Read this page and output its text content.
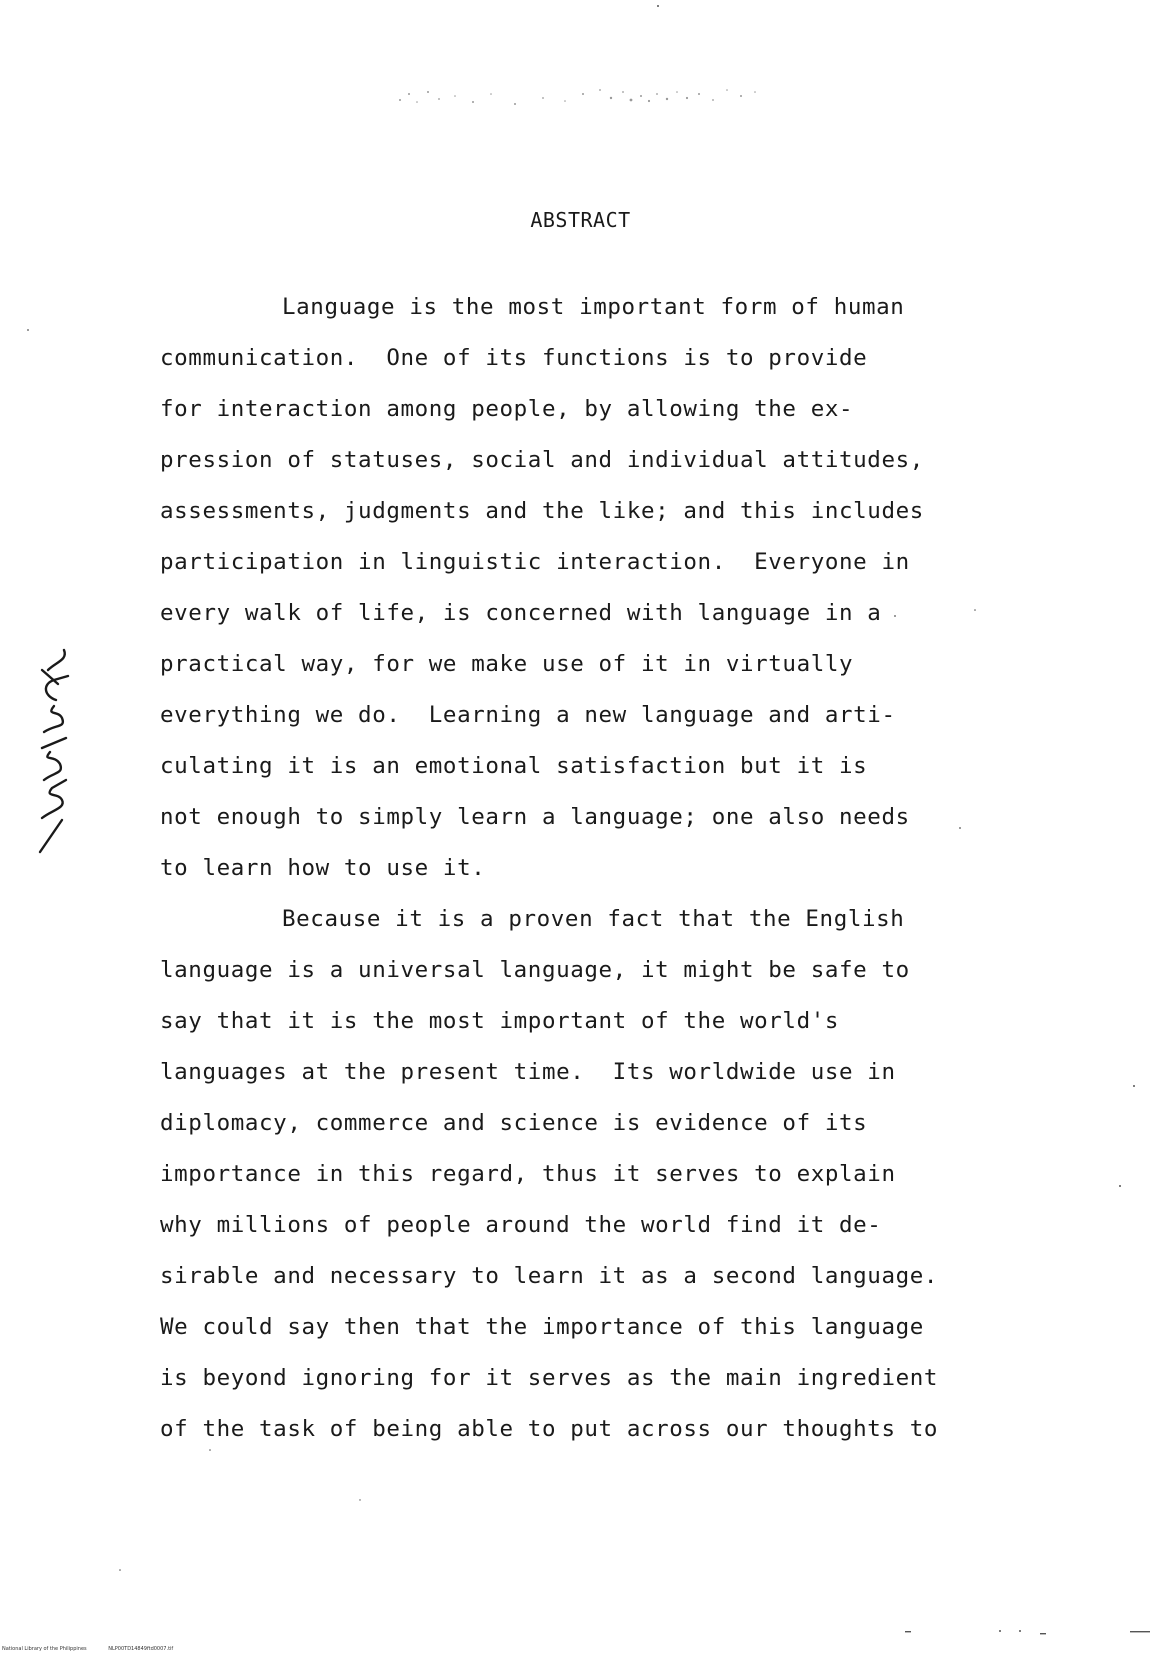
ABSTRACT
Language is the most important form of human
communication.  One of its functions is to provide
for interaction among people, by allowing the ex-
pression of statuses, social and individual attitudes,
assessments, judgments and the like; and this includes
participation in linguistic interaction.  Everyone in
every walk of life, is concerned with language in a
practical way, for we make use of it in virtually
everything we do.  Learning a new language and arti-
culating it is an emotional satisfaction but it is
not enough to simply learn a language; one also needs
to learn how to use it.
Because it is a proven fact that the English
language is a universal language, it might be safe to
say that it is the most important of the world's
languages at the present time.  Its worldwide use in
diplomacy, commerce and science is evidence of its
importance in this regard, thus it serves to explain
why millions of people around the world find it de-
sirable and necessary to learn it as a second language.
We could say then that the importance of this language
is beyond ignoring for it serves as the main ingredient
of the task of being able to put across our thoughts to
National Library of the Philippines	NLP00TD14849ftd0007.tif
